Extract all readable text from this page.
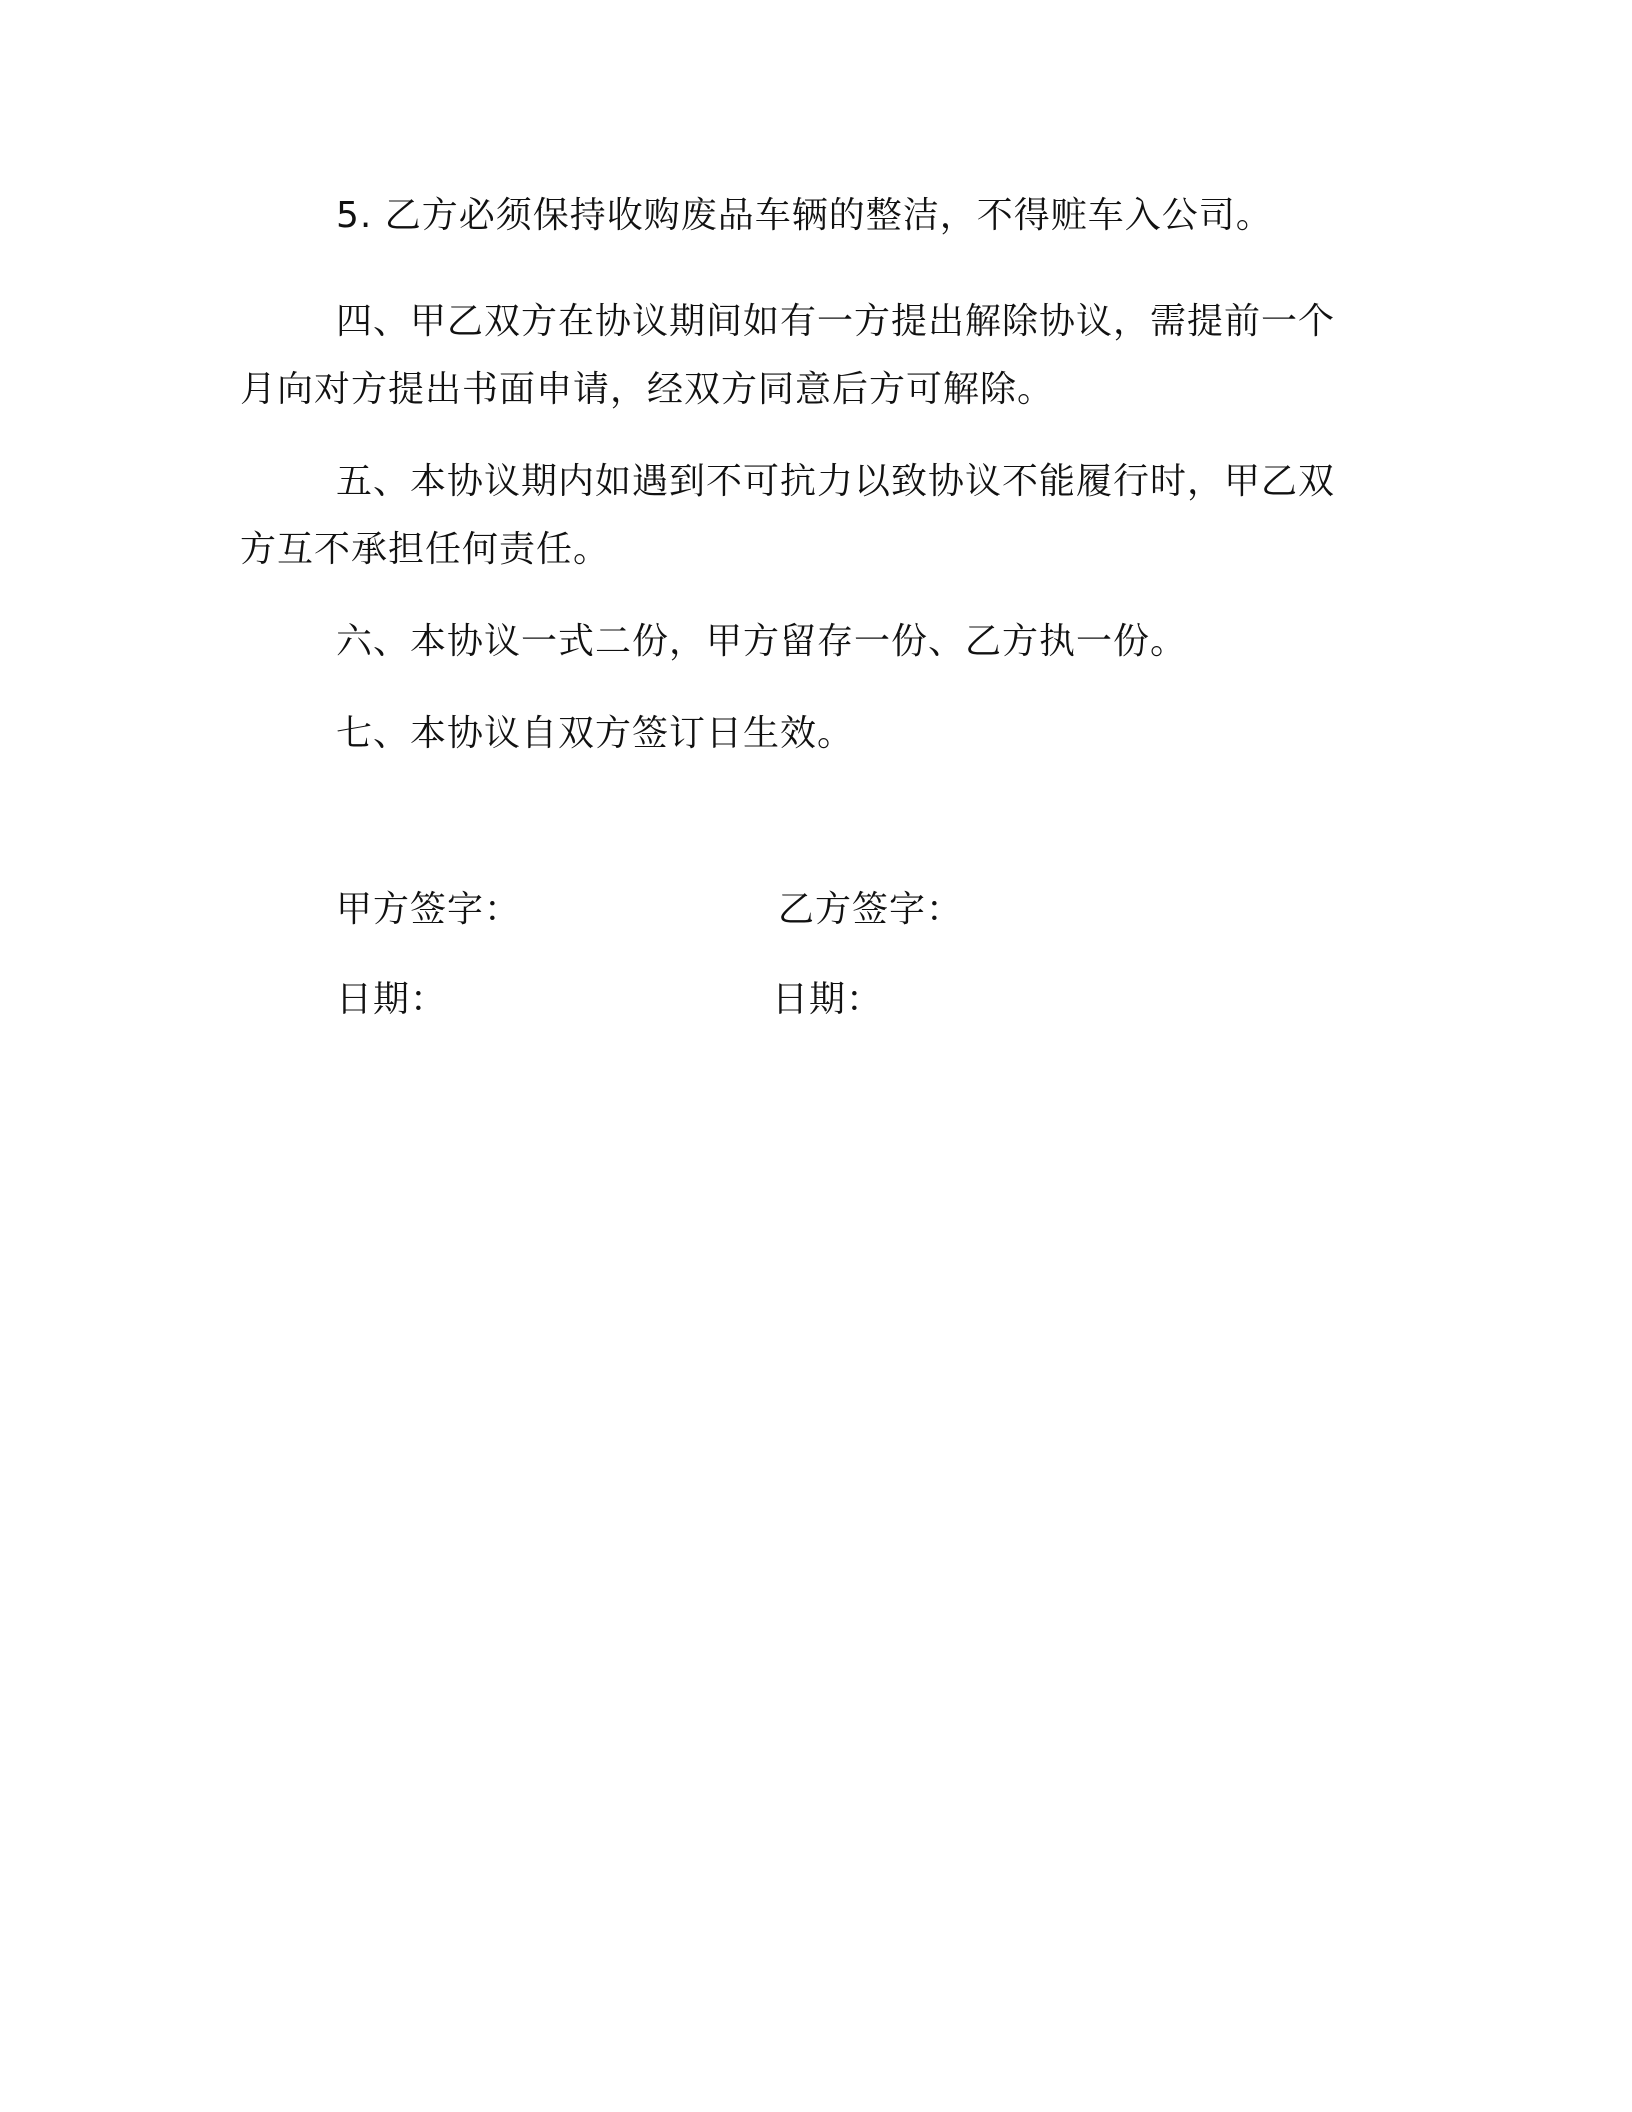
5. 乙方必须保持收购废品车辆的整洁，不得赃车入公司。
四、甲乙双方在协议期间如有一方提出解除协议，需提前一个月向对方提出书面申请，经双方同意后方可解除。
五、本协议期内如遇到不可抗力以致协议不能履行时，甲乙双方互不承担任何责任。
六、本协议一式二份，甲方留存一份、乙方执一份。
七、本协议自双方签订日生效。
甲方签字：	乙方签字：
日期：	日期：
